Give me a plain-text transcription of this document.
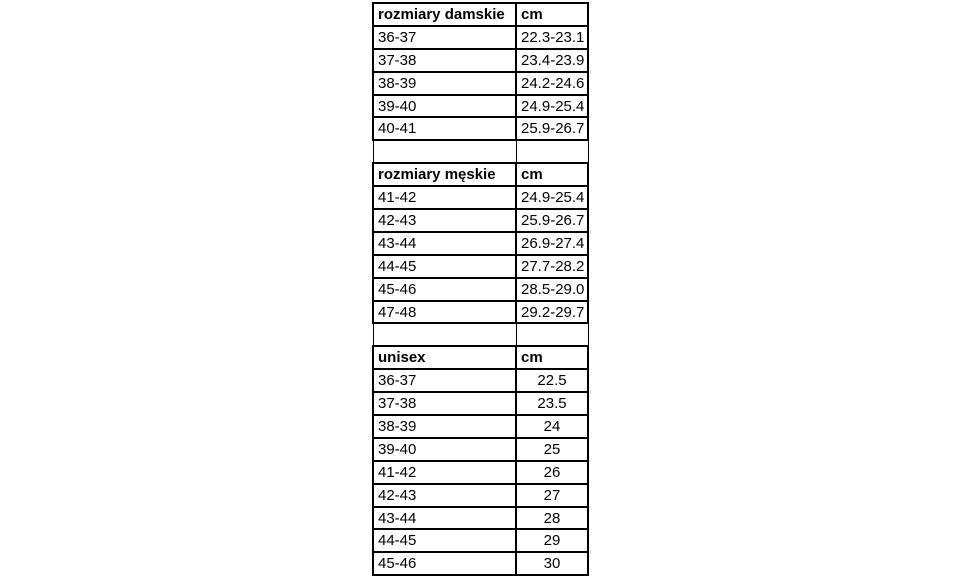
rozmiary damskie	cm
36-37	22.3-23.1
37-38	23.4-23.9
38-39	24.2-24.6
39-40	24.9-25.4
40-41	25.9-26.7

rozmiary męskie	cm
41-42	24.9-25.4
42-43	25.9-26.7
43-44	26.9-27.4
44-45	27.7-28.2
45-46	28.5-29.0
47-48	29.2-29.7

unisex	cm
36-37	22.5
37-38	23.5
38-39	24
39-40	25
41-42	26
42-43	27
43-44	28
44-45	29
45-46	30
